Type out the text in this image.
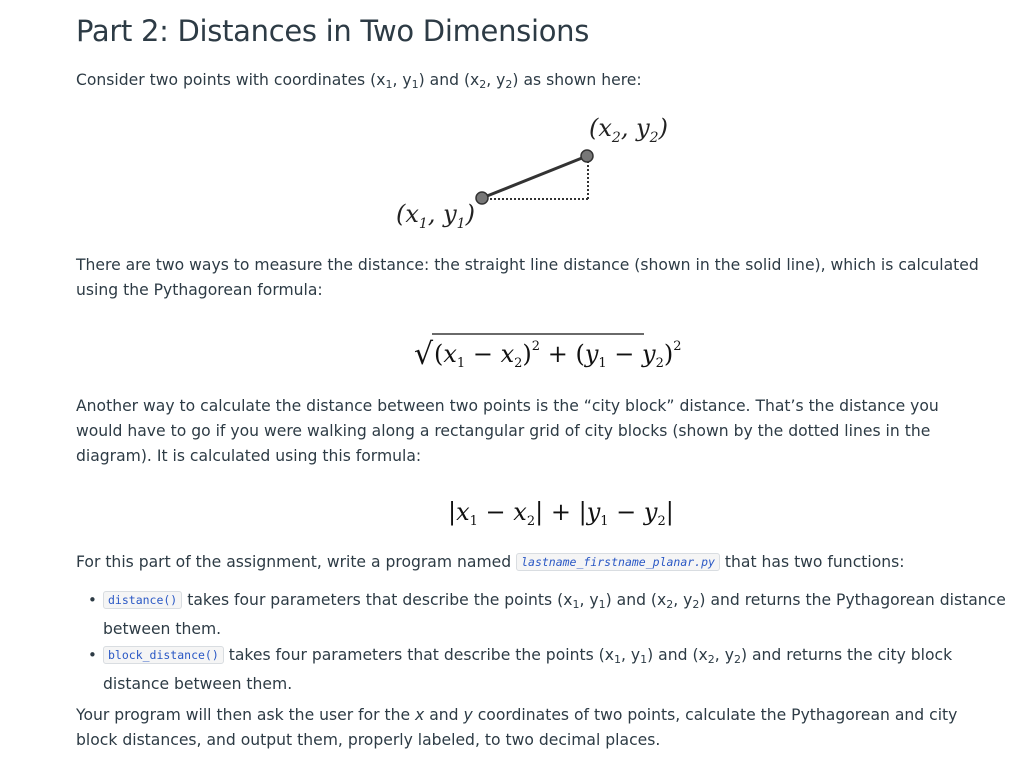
($x_2$, $y_2$)
($x_1$, $y_1$)
√ $(x_1 - x_2)^2 + (y_1 - y_2)^2$
$|x_1 - x_2| + |y_1 - y_2|$
Part 2: Distances in Two Dimensions

Consider two points with coordinates ($x_1$, $y_1$) and ($x_2$, $y_2$) as shown here:

There are two ways to measure the distance: the straight line distance (shown in the solid line), which is calculated using the Pythagorean formula:

Another way to calculate the distance between two points is the “city block” distance. That’s the distance you would have to go if you were walking along a rectangular grid of city blocks (shown by the dotted lines in the diagram). It is calculated using this formula:

For this part of the assignment, write a program named lastname_firstname_planar.py that has two functions:

• distance() takes four parameters that describe the points ($x_1$, $y_1$) and ($x_2$, $y_2$) and returns the Pythagorean distance between them.
• block_distance() takes four parameters that describe the points ($x_1$, $y_1$) and ($x_2$, $y_2$) and returns the city block distance between them.

Your program will then ask the user for the x and y coordinates of two points, calculate the Pythagorean and city block distances, and output them, properly labeled, to two decimal places.
